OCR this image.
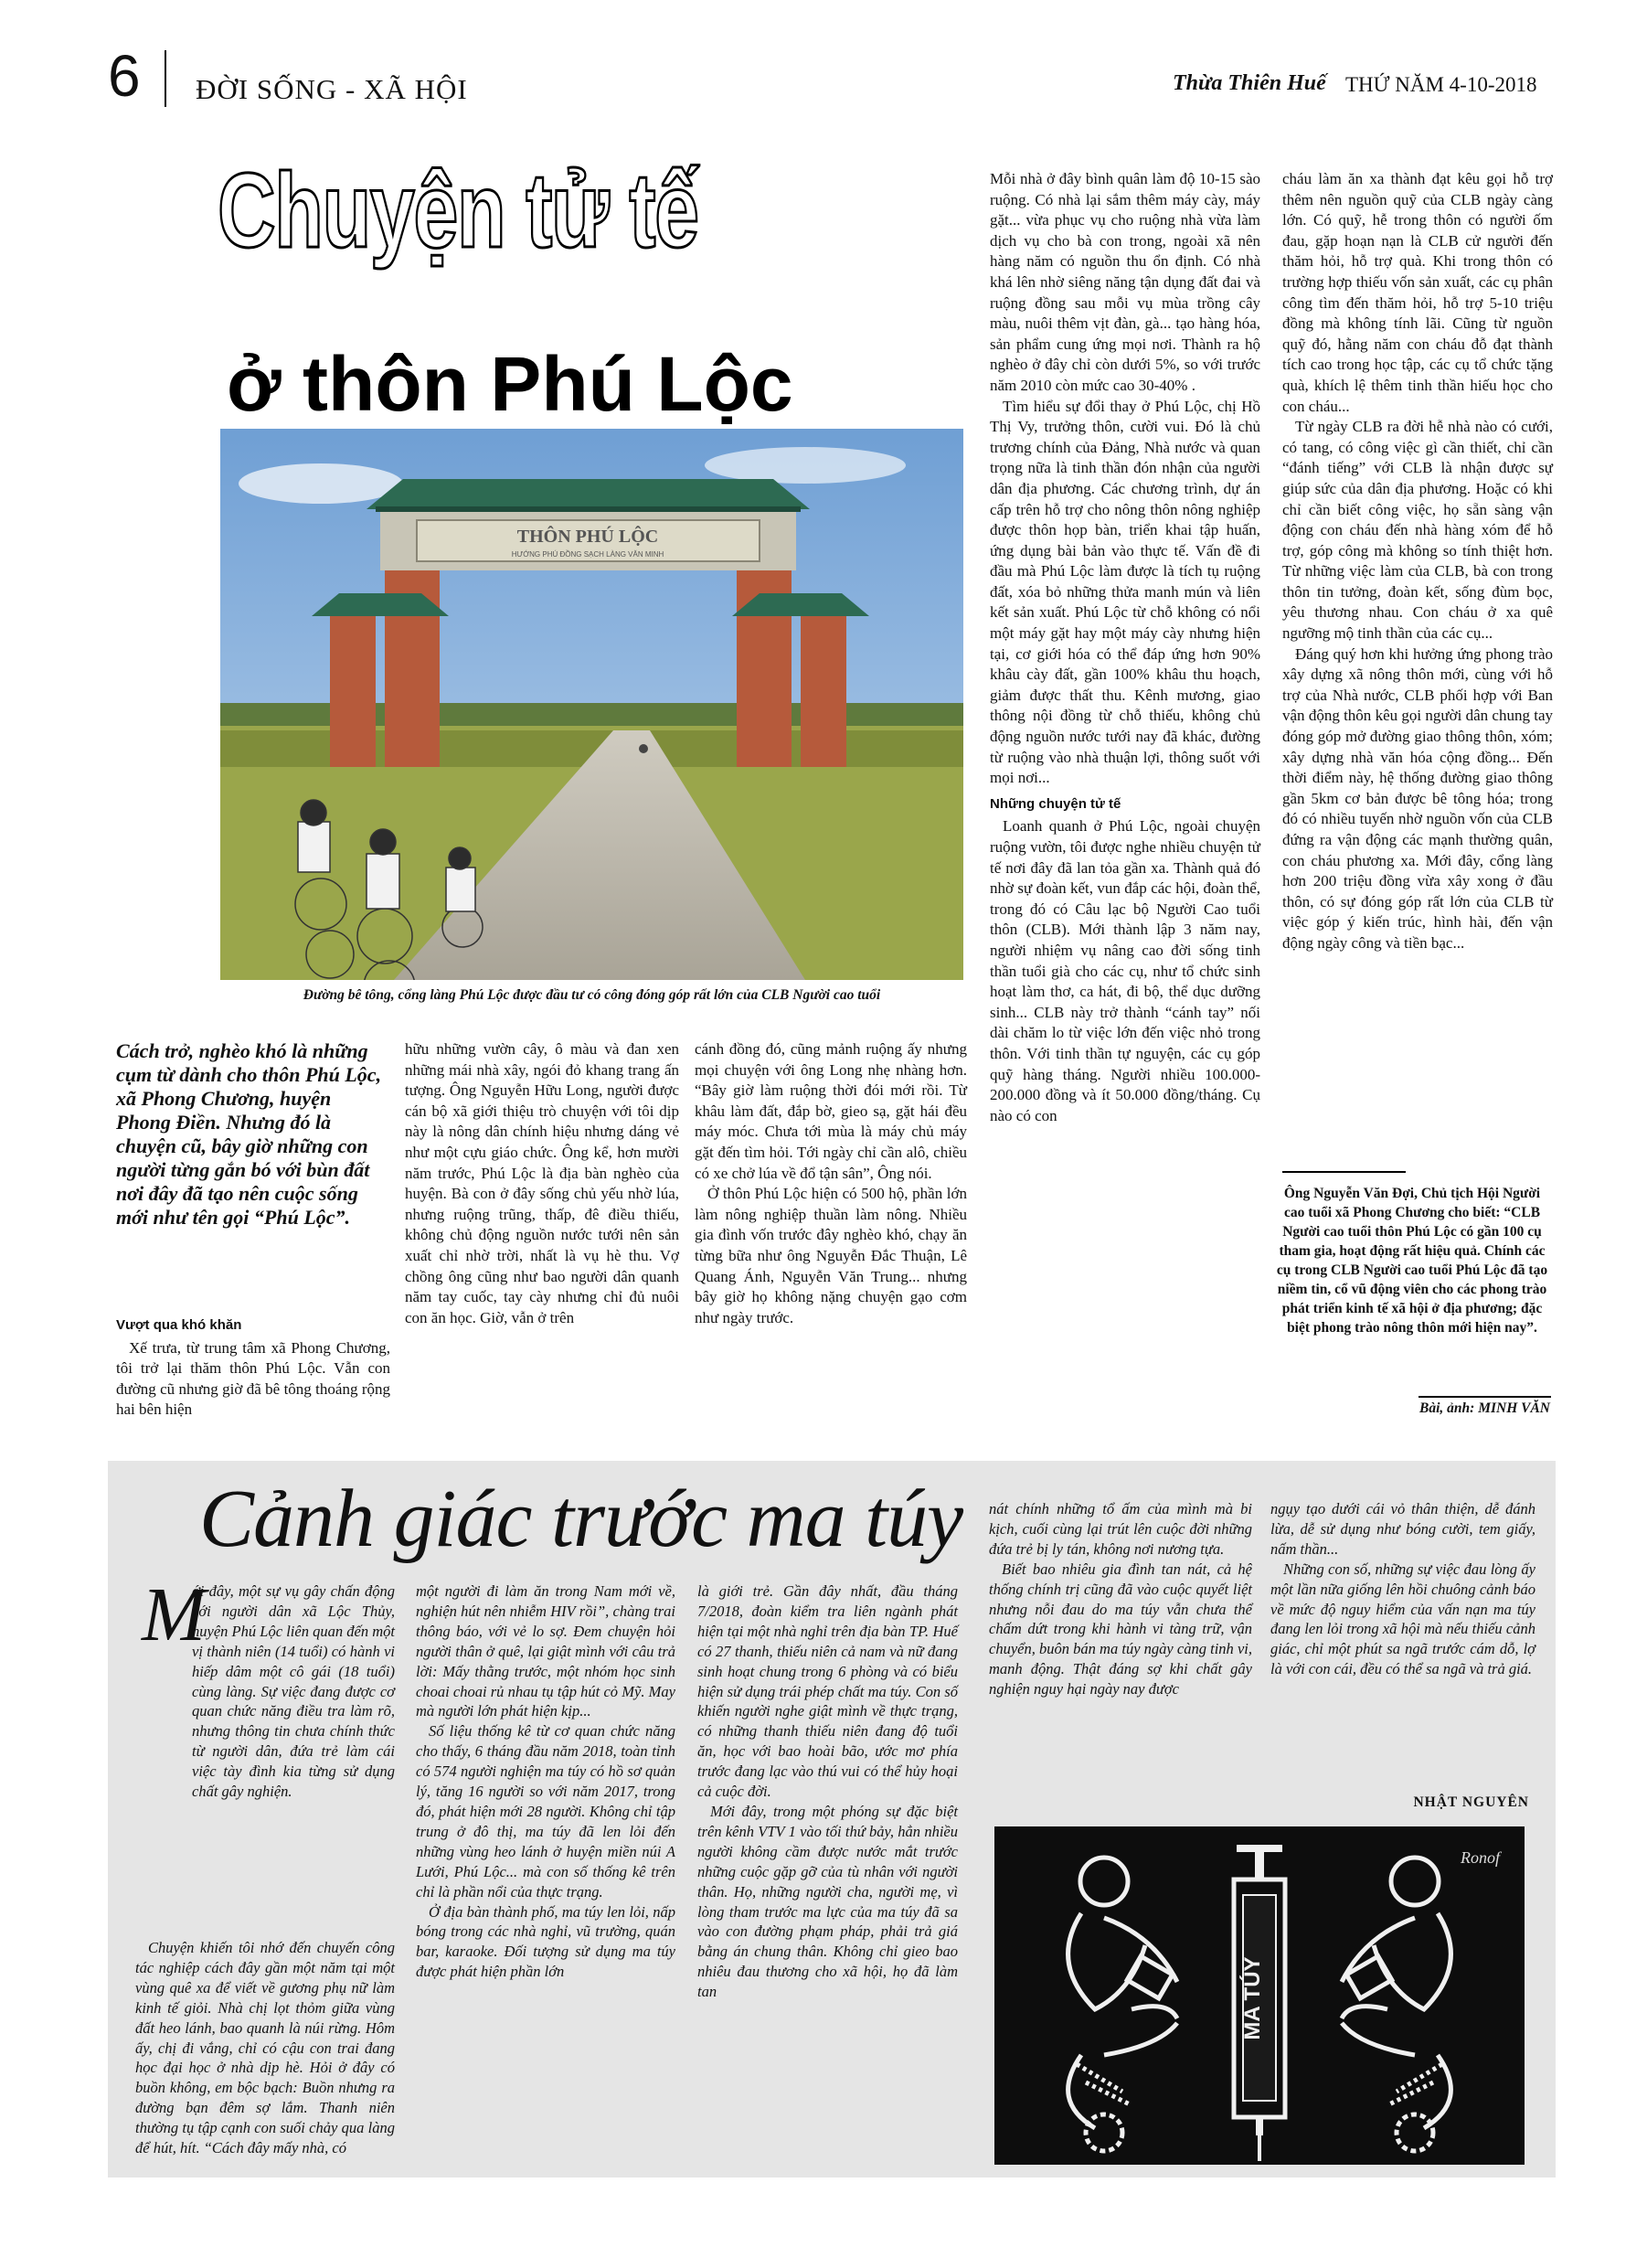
6 ĐỜI SỐNG - XÃ HỘI	Thừa Thiên Huế THỨ NĂM 4-10-2018
Chuyện tử tế
ở thôn Phú Lộc
THÔN PHÚ LỘC
HƯỚNG PHÚ ĐỒNG SẠCH LÀNG VĂN MINH
Đường bê tông, cổng làng Phú Lộc được đầu tư có công đóng góp rất lớn của CLB Người cao tuổi
Cách trở, nghèo khó là những cụm từ dành cho thôn Phú Lộc, xã Phong Chương, huyện Phong Điền. Nhưng đó là chuyện cũ, bây giờ những con người từng gắn bó với bùn đất nơi đây đã tạo nên cuộc sống mới như tên gọi “Phú Lộc”.
Vượt qua khó khăn

Xế trưa, từ trung tâm xã Phong Chương, tôi trở lại thăm thôn Phú Lộc. Vẫn con đường cũ nhưng giờ đã bê tông thoáng rộng hai bên hiện

hữu những vườn cây, ô màu và đan xen những mái nhà xây, ngói đỏ khang trang ấn tượng. Ông Nguyễn Hữu Long, người được cán bộ xã giới thiệu trò chuyện với tôi dịp này là nông dân chính hiệu nhưng dáng vẻ như một cựu giáo chức. Ông kể, hơn mười năm trước, Phú Lộc là địa bàn nghèo của huyện. Bà con ở đây sống chủ yếu nhờ lúa, nhưng ruộng trũng, thấp, đê điều thiếu, không chủ động nguồn nước tưới nên sản xuất chỉ nhờ trời, nhất là vụ hè thu. Vợ chồng ông cũng như bao người dân quanh năm tay cuốc, tay cày nhưng chỉ đủ nuôi con ăn học. Giờ, vẫn ở trên

cánh đồng đó, cũng mảnh ruộng ấy nhưng mọi chuyện với ông Long nhẹ nhàng hơn. “Bây giờ làm ruộng thời đói mới rồi. Từ khâu làm đất, đắp bờ, gieo sạ, gặt hái đều máy móc. Chưa tới mùa là máy chủ máy gặt đến tìm hỏi. Tới ngày chỉ cần alô, chiều có xe chở lúa về đổ tận sân”, Ông nói.

Ở thôn Phú Lộc hiện có 500 hộ, phần lớn làm nông nghiệp thuần làm nông. Nhiều gia đình vốn trước đây nghèo khó, chạy ăn từng bữa như ông Nguyễn Đắc Thuận, Lê Quang Ánh, Nguyễn Văn Trung... nhưng bây giờ họ không nặng chuyện gạo cơm như ngày trước.

Mỗi nhà ở đây bình quân làm độ 10-15 sào ruộng. Có nhà lại sắm thêm máy cày, máy gặt... vừa phục vụ cho ruộng nhà vừa làm dịch vụ cho bà con trong, ngoài xã nên hàng năm có nguồn thu ổn định. Có nhà khá lên nhờ siêng năng tận dụng đất đai và ruộng đồng sau mỗi vụ mùa trồng cây màu, nuôi thêm vịt đàn, gà... tạo hàng hóa, sản phẩm cung ứng mọi nơi. Thành ra hộ nghèo ở đây chỉ còn dưới 5%, so với trước năm 2010 còn mức cao 30-40% .

Tìm hiểu sự đổi thay ở Phú Lộc, chị Hồ Thị Vy, trưởng thôn, cười vui. Đó là chủ trương chính của Đảng, Nhà nước và quan trọng nữa là tinh thần đón nhận của người dân địa phương. Các chương trình, dự án cấp trên hỗ trợ cho nông thôn nông nghiệp được thôn họp bàn, triển khai tập huấn, ứng dụng bài bản vào thực tế. Vấn đề đi đầu mà Phú Lộc làm được là tích tụ ruộng đất, xóa bỏ những thửa manh mún và liên kết sản xuất. Phú Lộc từ chỗ không có nổi một máy gặt hay một máy cày nhưng hiện tại, cơ giới hóa có thể đáp ứng hơn 90% khâu cày đất, gần 100% khâu thu hoạch, giảm được thất thu. Kênh mương, giao thông nội đồng từ chỗ thiếu, không chủ động nguồn nước tưới nay đã khác, đường từ ruộng vào nhà thuận lợi, thông suốt với mọi nơi...

Những chuyện tử tế

Loanh quanh ở Phú Lộc, ngoài chuyện ruộng vườn, tôi được nghe nhiều chuyện tử tế nơi đây đã lan tỏa gần xa. Thành quả đó nhờ sự đoàn kết, vun đắp các hội, đoàn thể, trong đó có Câu lạc bộ Người Cao tuổi thôn (CLB). Mới thành lập 3 năm nay, người nhiệm vụ nâng cao đời sống tinh thần tuổi già cho các cụ, như tổ chức sinh hoạt làm thơ, ca hát, đi bộ, thể dục dưỡng sinh... CLB này trở thành “cánh tay” nối dài chăm lo từ việc lớn đến việc nhỏ trong thôn. Với tinh thần tự nguyện, các cụ góp quỹ hàng tháng. Người nhiều 100.000-200.000 đồng và ít 50.000 đồng/tháng. Cụ nào có con

cháu làm ăn xa thành đạt kêu gọi hỗ trợ thêm nên nguồn quỹ của CLB ngày càng lớn. Có quỹ, hễ trong thôn có người ốm đau, gặp hoạn nạn là CLB cử người đến thăm hỏi, hỗ trợ quà. Khi trong thôn có trường hợp thiếu vốn sản xuất, các cụ phân công tìm đến thăm hỏi, hỗ trợ 5-10 triệu đồng mà không tính lãi. Cũng từ nguồn quỹ đó, hằng năm con cháu đỗ đạt thành tích cao trong học tập, các cụ tổ chức tặng quà, khích lệ thêm tinh thần hiếu học cho con cháu...

Từ ngày CLB ra đời hễ nhà nào có cưới, có tang, có công việc gì cần thiết, chỉ cần “đánh tiếng” với CLB là nhận được sự giúp sức của dân địa phương. Hoặc có khi chỉ cần biết công việc, họ sẵn sàng vận động con cháu đến nhà hàng xóm để hỗ trợ, góp công mà không so tính thiệt hơn. Từ những việc làm của CLB, bà con trong thôn tin tưởng, đoàn kết, sống đùm bọc, yêu thương nhau. Con cháu ở xa quê ngưỡng mộ tinh thần của các cụ...

Đáng quý hơn khi hưởng ứng phong trào xây dựng xã nông thôn mới, cùng với hỗ trợ của Nhà nước, CLB phối hợp với Ban vận động thôn kêu gọi người dân chung tay đóng góp mở đường giao thông thôn, xóm; xây dựng nhà văn hóa cộng đồng... Đến thời điểm này, hệ thống đường giao thông gần 5km cơ bản được bê tông hóa; trong đó có nhiều tuyến nhờ nguồn vốn của CLB đứng ra vận động các mạnh thường quân, con cháu phương xa. Mới đây, cổng làng hơn 200 triệu đồng vừa xây xong ở đầu thôn, có sự đóng góp rất lớn của CLB từ việc góp ý kiến trúc, hình hài, đến vận động ngày công và tiền bạc...

Ông Nguyễn Văn Đợi, Chủ tịch Hội Người cao tuổi xã Phong Chương cho biết: “CLB Người cao tuổi thôn Phú Lộc có gần 100 cụ tham gia, hoạt động rất hiệu quả. Chính các cụ trong CLB Người cao tuổi Phú Lộc đã tạo niềm tin, cổ vũ động viên cho các phong trào phát triển kinh tế xã hội ở địa phương; đặc biệt phong trào nông thôn mới hiện nay”.
Bài, ảnh: MINH VĂN
Cảnh giác trước ma túy
M

ới đây, một sự vụ gây chấn động với người dân xã Lộc Thủy, huyện Phú Lộc liên quan đến một vị thành niên (14 tuổi) có hành vi hiếp dâm một cô gái (18 tuổi) cùng làng. Sự việc đang được cơ quan chức năng điều tra làm rõ, nhưng thông tin chưa chính thức từ người dân, đứa trẻ làm cái việc tày đình kia từng sử dụng chất gây nghiện.

Chuyện khiến tôi nhớ đến chuyến công tác nghiệp cách đây gần một năm tại một vùng quê xa để viết về gương phụ nữ làm kinh tế giỏi. Nhà chị lọt thỏm giữa vùng đất heo lánh, bao quanh là núi rừng. Hôm ấy, chị đi vắng, chỉ có cậu con trai đang học đại học ở nhà dịp hè. Hỏi ở đây có buồn không, em bộc bạch: Buồn nhưng ra đường bạn đêm sợ lắm. Thanh niên thường tụ tập cạnh con suối chảy qua làng để hút, hít. “Cách đây mấy nhà, có

một người đi làm ăn trong Nam mới về, nghiện hút nên nhiễm HIV rồi”, chàng trai thông báo, với vẻ lo sợ. Đem chuyện hỏi người thân ở quê, lại giật mình với câu trả lời: Mấy thằng trước, một nhóm học sinh choai choai rủ nhau tụ tập hút cỏ Mỹ. May mà người lớn phát hiện kịp...

Số liệu thống kê từ cơ quan chức năng cho thấy, 6 tháng đầu năm 2018, toàn tỉnh có 574 người nghiện ma túy có hồ sơ quản lý, tăng 16 người so với năm 2017, trong đó, phát hiện mới 28 người. Không chỉ tập trung ở đô thị, ma túy đã len lỏi đến những vùng heo lánh ở huyện miền núi A Lưới, Phú Lộc... mà con số thống kê trên chỉ là phần nổi của thực trạng.

Ở địa bàn thành phố, ma túy len lỏi, nấp bóng trong các nhà nghỉ, vũ trường, quán bar, karaoke. Đối tượng sử dụng ma túy được phát hiện phần lớn

là giới trẻ. Gần đây nhất, đầu tháng 7/2018, đoàn kiểm tra liên ngành phát hiện tại một nhà nghỉ trên địa bàn TP. Huế có 27 thanh, thiếu niên cả nam và nữ đang sinh hoạt chung trong 6 phòng và có biểu hiện sử dụng trái phép chất ma túy. Con số khiến người nghe giật mình về thực trạng, có những thanh thiếu niên đang độ tuổi ăn, học với bao hoài bão, ước mơ phía trước đang lạc vào thú vui có thể hủy hoại cả cuộc đời.

Mới đây, trong một phóng sự đặc biệt trên kênh VTV 1 vào tối thứ bảy, hẳn nhiều người không cầm được nước mắt trước những cuộc gặp gỡ của tù nhân với người thân. Họ, những người cha, người mẹ, vì lòng tham trước ma lực của ma túy đã sa vào con đường phạm pháp, phải trả giá bằng án chung thân. Không chỉ gieo bao nhiêu đau thương cho xã hội, họ đã làm tan

nát chính những tổ ấm của mình mà bi kịch, cuối cùng lại trút lên cuộc đời những đứa trẻ bị ly tán, không nơi nương tựa.

Biết bao nhiêu gia đình tan nát, cả hệ thống chính trị cũng đã vào cuộc quyết liệt nhưng nỗi đau do ma túy vẫn chưa thể chấm dứt trong khi hành vi tàng trữ, vận chuyển, buôn bán ma túy ngày càng tinh vi, manh động. Thật đáng sợ khi chất gây nghiện nguy hại ngày nay được

ngụy tạo dưới cái vỏ thân thiện, dễ đánh lừa, dễ sử dụng như bóng cười, tem giấy, nấm thần...

Những con số, những sự việc đau lòng ấy một lần nữa giống lên hồi chuông cảnh báo về mức độ nguy hiểm của vấn nạn ma túy đang len lỏi trong xã hội mà nếu thiếu cảnh giác, chỉ một phút sa ngã trước cám dỗ, lợ là với con cái, đều có thể sa ngã và trả giá.

NHẬT NGUYÊN
Ronof
MA TÚY
